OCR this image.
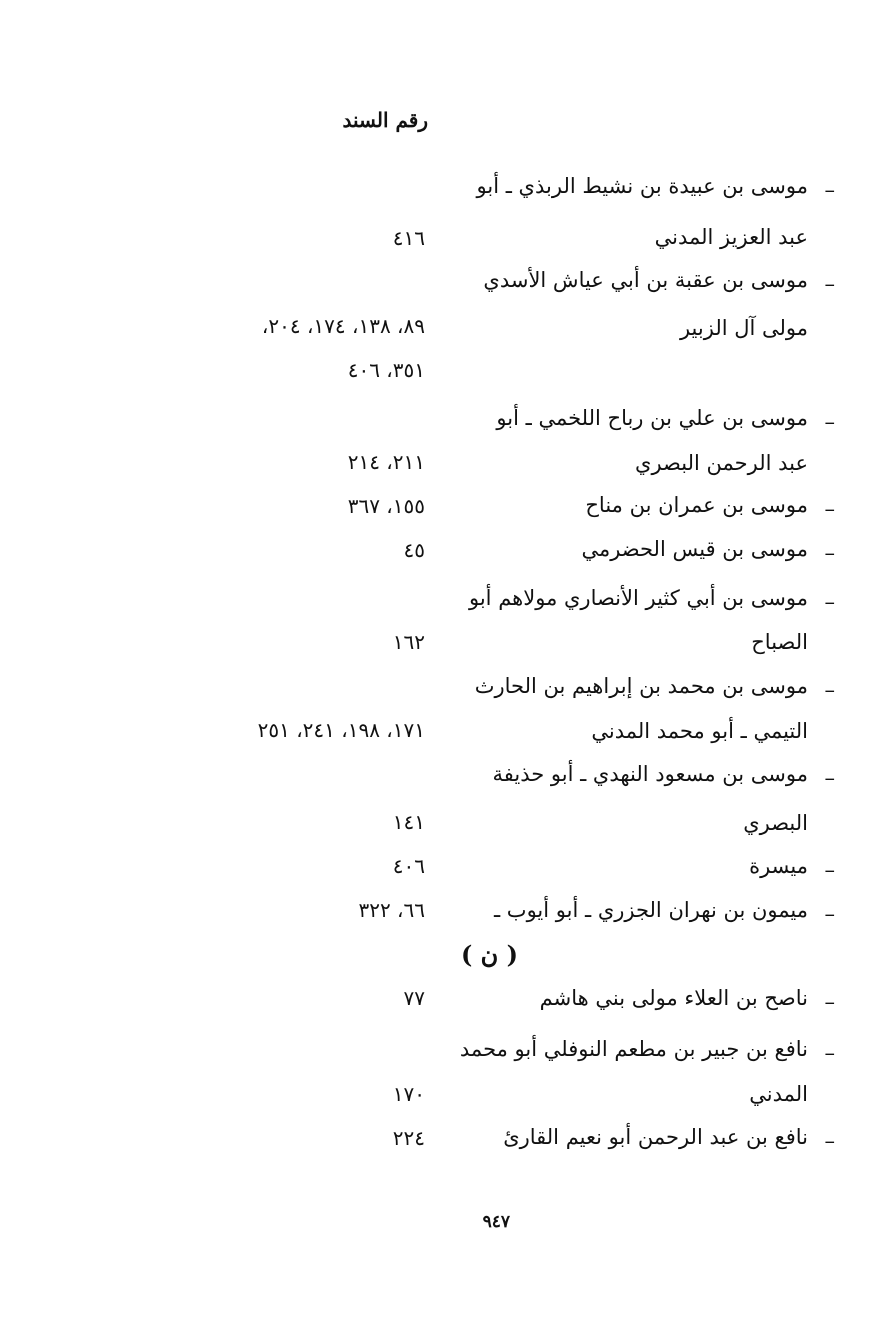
رقم السند
–
موسى بن عبيدة بن نشيط الربذي ـ أبو
عبد العزيز المدني
٤١٦
–
موسى بن عقبة بن أبي عياش الأسدي
مولى آل الزبير
٨٩، ١٣٨، ١٧٤، ٢٠٤،
٣٥١، ٤٠٦
–
موسى بن علي بن رباح اللخمي ـ أبو
عبد الرحمن البصري
٢١١، ٢١٤
–
موسى بن عمران بن مناح
١٥٥، ٣٦٧
–
موسى بن قيس الحضرمي
٤٥
–
موسى بن أبي كثير الأنصاري مولاهم أبو
الصباح
١٦٢
–
موسى بن محمد بن إبراهيم بن الحارث
التيمي ـ أبو محمد المدني
١٧١، ١٩٨، ٢٤١، ٢٥١
–
موسى بن مسعود النهدي ـ أبو حذيفة
البصري
١٤١
–
ميسرة
٤٠٦
–
ميمون بن نهران الجزري ـ أبو أيوب ـ
٦٦، ٣٢٢
( ن )
–
ناصح بن العلاء مولى بني هاشم
٧٧
–
نافع بن جبير بن مطعم النوفلي أبو محمد
المدني
١٧٠
–
نافع بن عبد الرحمن أبو نعيم القارئ
٢٢٤
٩٤٧
